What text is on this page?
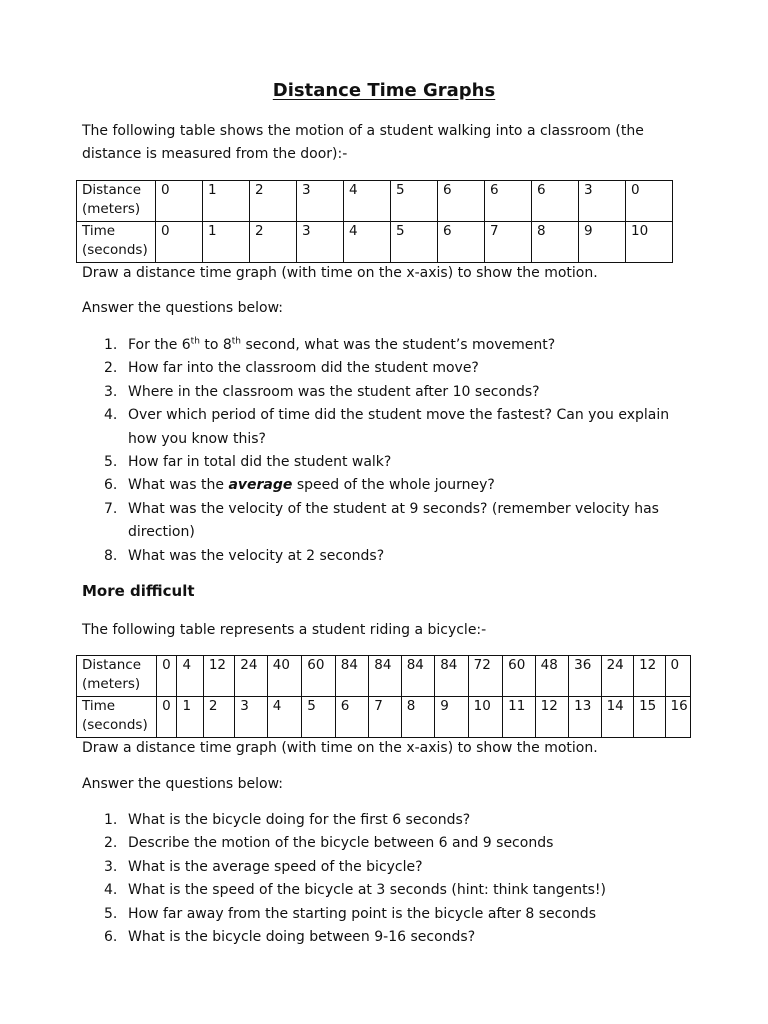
Distance Time Graphs

The following table shows the motion of a student walking into a classroom (the distance is measured from the door):-

Distance (meters)	0	1	2	3	4	5	6	6	6	3	0
Time (seconds)	0	1	2	3	4	5	6	7	8	9	10

Draw a distance time graph (with time on the x-axis) to show the motion.

Answer the questions below:

1. For the 6th to 8th second, what was the student’s movement?
2. How far into the classroom did the student move?
3. Where in the classroom was the student after 10 seconds?
4. Over which period of time did the student move the fastest? Can you explain how you know this?
5. How far in total did the student walk?
6. What was the average speed of the whole journey?
7. What was the velocity of the student at 9 seconds? (remember velocity has direction)
8. What was the velocity at 2 seconds?
More difficult

The following table represents a student riding a bicycle:-

Distance (meters)	0	4	12	24	40	60	84	84	84	84	72	60	48	36	24	12	0
Time (seconds)	0	1	2	3	4	5	6	7	8	9	10	11	12	13	14	15	16

Draw a distance time graph (with time on the x-axis) to show the motion.

Answer the questions below:

1. What is the bicycle doing for the first 6 seconds?
2. Describe the motion of the bicycle between 6 and 9 seconds
3. What is the average speed of the bicycle?
4. What is the speed of the bicycle at 3 seconds (hint: think tangents!)
5. How far away from the starting point is the bicycle after 8 seconds
6. What is the bicycle doing between 9-16 seconds?
